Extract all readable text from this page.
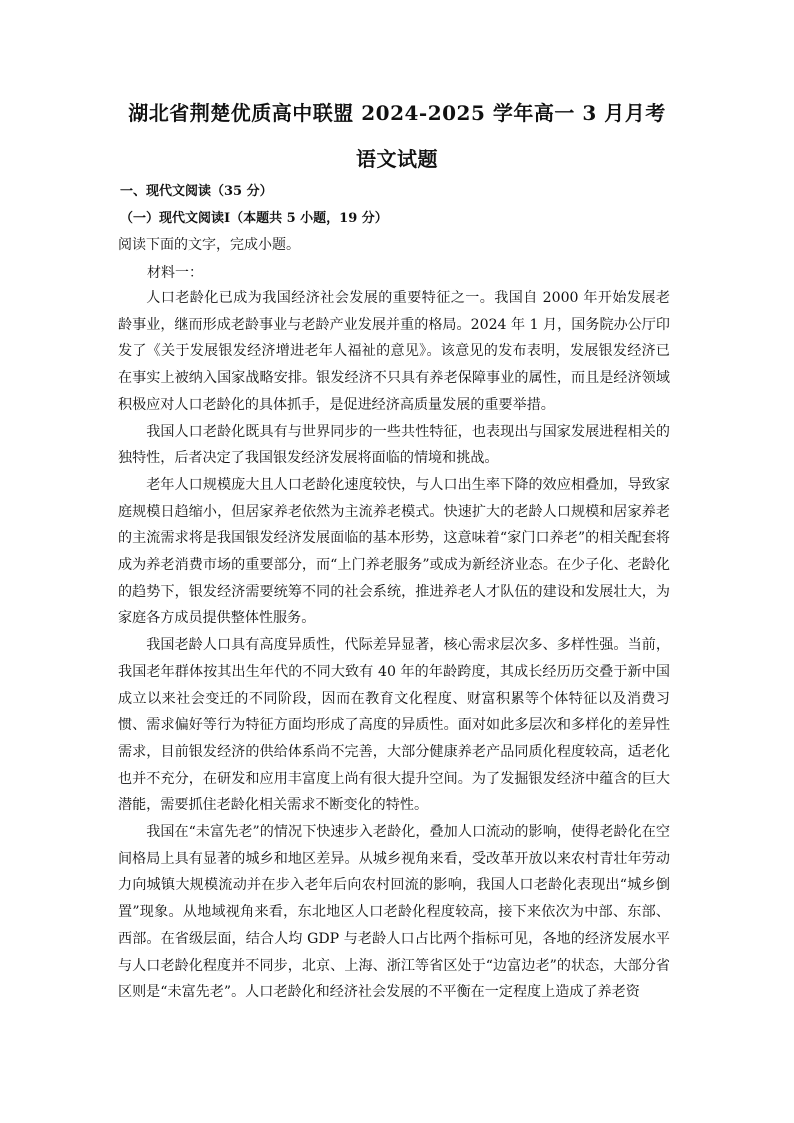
湖北省荆楚优质高中联盟 2024-2025 学年高一 3 月月考
语文试题
一、现代文阅读（35 分）
（一）现代文阅读Ⅰ（本题共 5 小题，19 分）
阅读下面的文字，完成小题。
材料一：

人口老龄化已成为我国经济社会发展的重要特征之一。我国自 2000 年开始发展老龄事业，继而形成老龄事业与老龄产业发展并重的格局。2024 年 1 月，国务院办公厅印发了《关于发展银发经济增进老年人福祉的意见》。该意见的发布表明，发展银发经济已在事实上被纳入国家战略安排。银发经济不只具有养老保障事业的属性，而且是经济领域积极应对人口老龄化的具体抓手，是促进经济高质量发展的重要举措。

我国人口老龄化既具有与世界同步的一些共性特征，也表现出与国家发展进程相关的独特性，后者决定了我国银发经济发展将面临的情境和挑战。

老年人口规模庞大且人口老龄化速度较快，与人口出生率下降的效应相叠加，导致家庭规模日趋缩小，但居家养老依然为主流养老模式。快速扩大的老龄人口规模和居家养老的主流需求将是我国银发经济发展面临的基本形势，这意味着“家门口养老”的相关配套将成为养老消费市场的重要部分，而“上门养老服务”或成为新经济业态。在少子化、老龄化的趋势下，银发经济需要统筹不同的社会系统，推进养老人才队伍的建设和发展壮大，为家庭各方成员提供整体性服务。

我国老龄人口具有高度异质性，代际差异显著，核心需求层次多、多样性强。当前，我国老年群体按其出生年代的不同大致有 40 年的年龄跨度，其成长经历历交叠于新中国成立以来社会变迁的不同阶段，因而在教育文化程度、财富积累等个体特征以及消费习惯、需求偏好等行为特征方面均形成了高度的异质性。面对如此多层次和多样化的差异性需求，目前银发经济的供给体系尚不完善，大部分健康养老产品同质化程度较高，适老化也并不充分，在研发和应用丰富度上尚有很大提升空间。为了发掘银发经济中蕴含的巨大潜能，需要抓住老龄化相关需求不断变化的特性。

我国在“未富先老”的情况下快速步入老龄化，叠加人口流动的影响，使得老龄化在空间格局上具有显著的城乡和地区差异。从城乡视角来看，受改革开放以来农村青壮年劳动力向城镇大规模流动并在步入老年后向农村回流的影响，我国人口老龄化表现出“城乡倒置”现象。从地域视角来看，东北地区人口老龄化程度较高，接下来依次为中部、东部、西部。在省级层面，结合人均 GDP 与老龄人口占比两个指标可见，各地的经济发展水平与人口老龄化程度并不同步，北京、上海、浙江等省区处于“边富边老”的状态，大部分省区则是“未富先老”。人口老龄化和经济社会发展的不平衡在一定程度上造成了养老资
